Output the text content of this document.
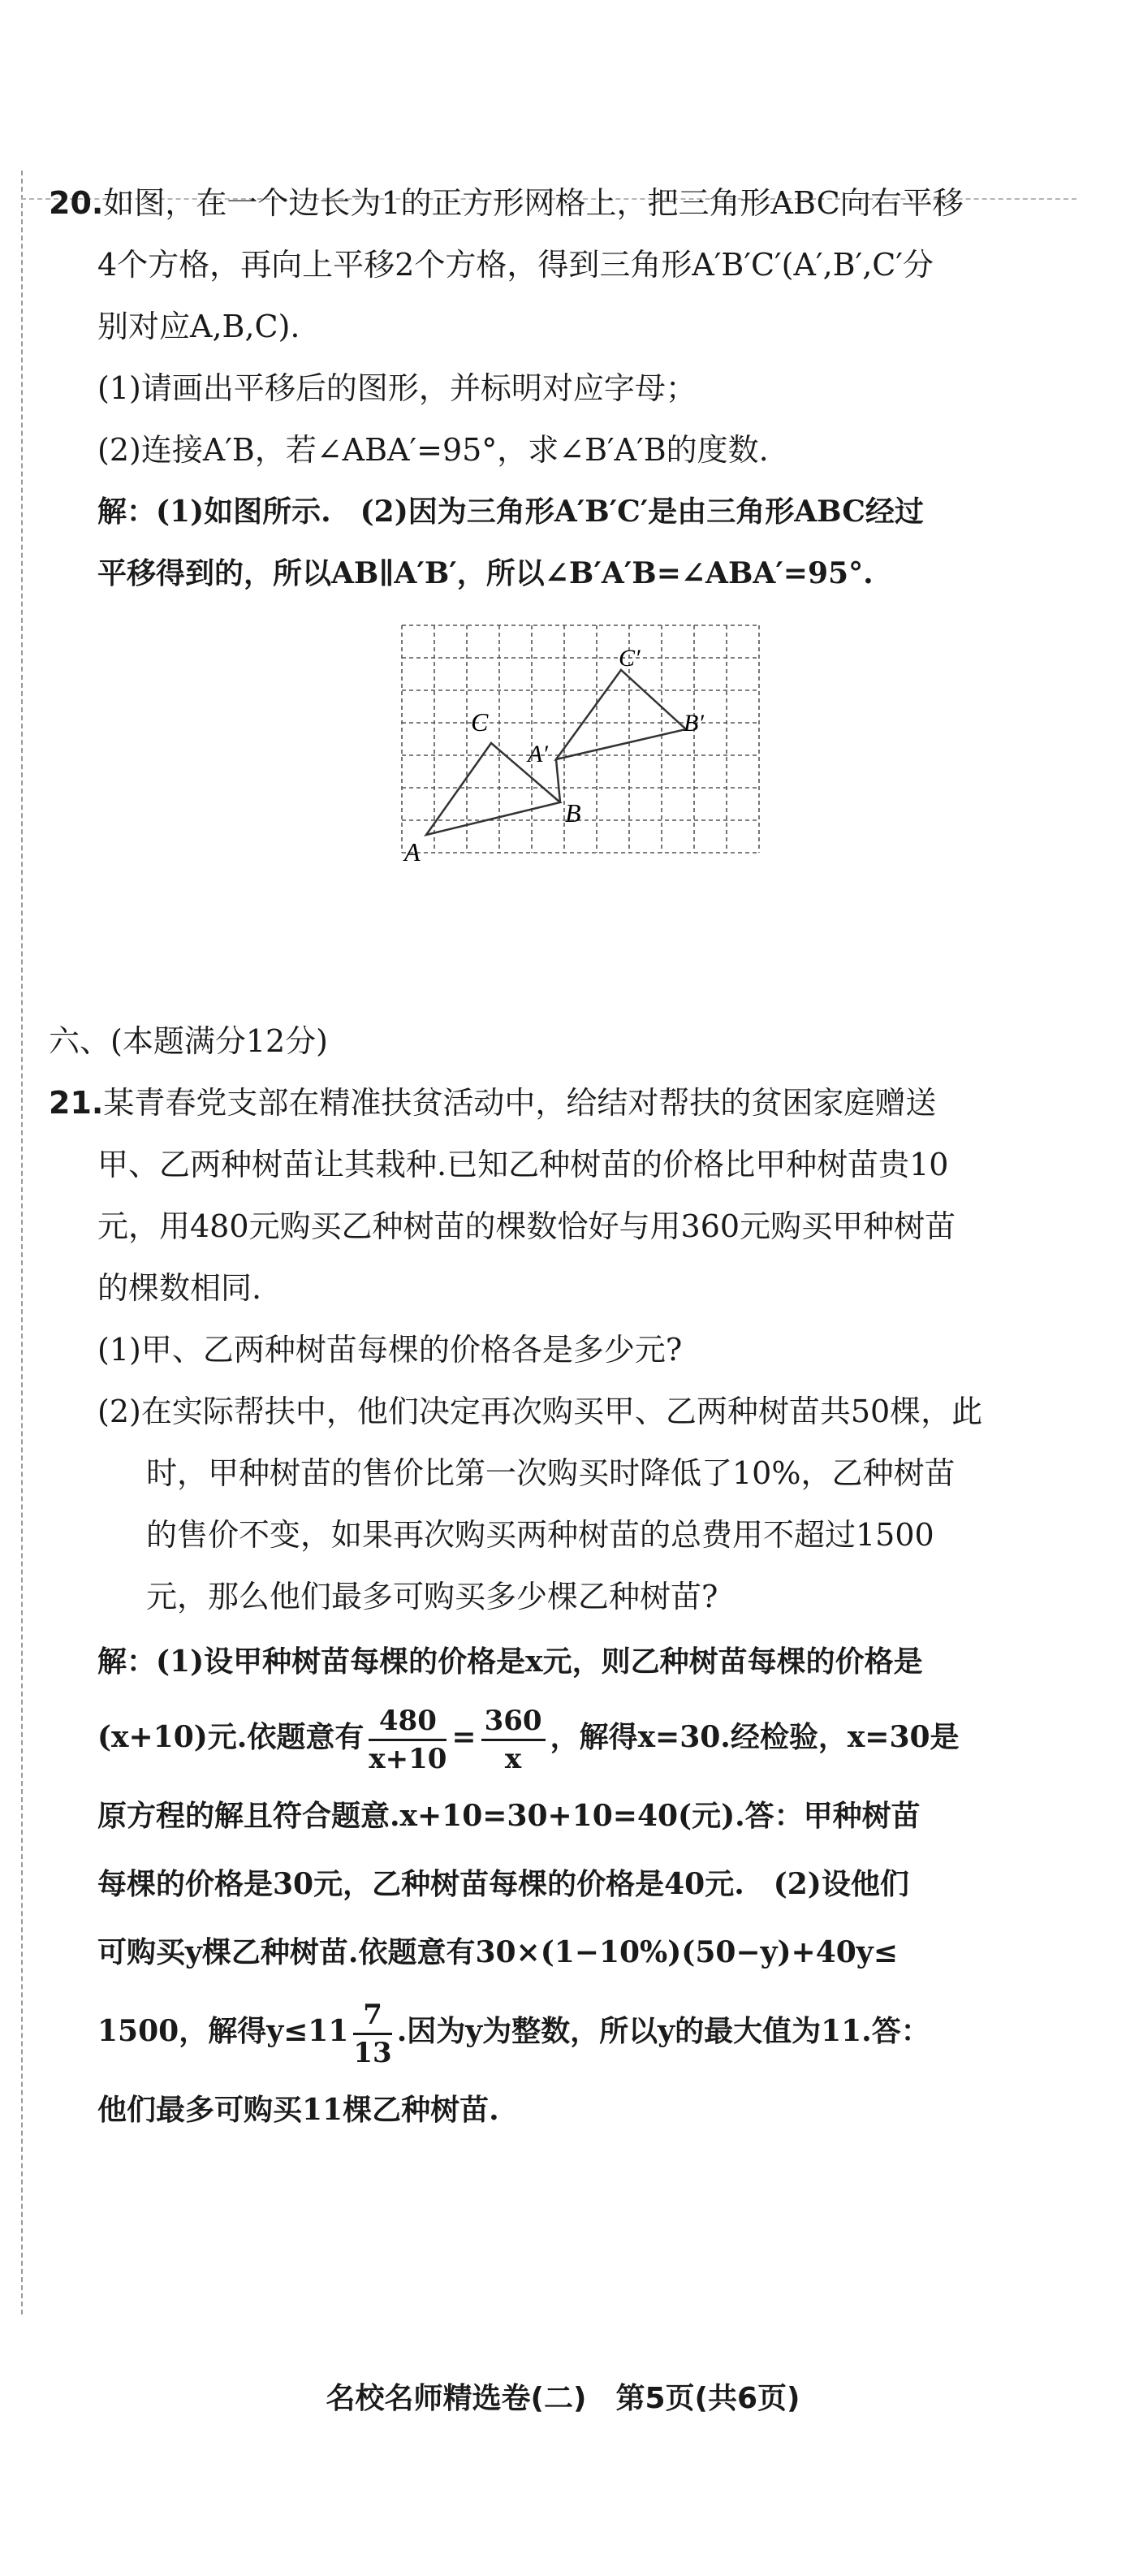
20.如图，在一个边长为1的正方形网格上，把三角形ABC向右平移
4个方格，再向上平移2个方格，得到三角形A′B′C′(A′,B′,C′分
别对应A,B,C).
(1)请画出平移后的图形，并标明对应字母；
(2)连接A′B，若∠ABA′=95°，求∠B′A′B的度数.
解：(1)如图所示.　(2)因为三角形A′B′C′是由三角形ABC经过
平移得到的，所以AB∥A′B′，所以∠B′A′B=∠ABA′=95°.
A
B
C
A′
B′
C′
六、(本题满分12分)
21.某青春党支部在精准扶贫活动中，给结对帮扶的贫困家庭赠送
甲、乙两种树苗让其栽种.已知乙种树苗的价格比甲种树苗贵10
元，用480元购买乙种树苗的棵数恰好与用360元购买甲种树苗
的棵数相同.
(1)甲、乙两种树苗每棵的价格各是多少元?
(2)在实际帮扶中，他们决定再次购买甲、乙两种树苗共50棵，此
时，甲种树苗的售价比第一次购买时降低了10%，乙种树苗
的售价不变，如果再次购买两种树苗的总费用不超过1500
元，那么他们最多可购买多少棵乙种树苗?
解：(1)设甲种树苗每棵的价格是x元，则乙种树苗每棵的价格是
(x+10)元.依题意有 $\frac{480}{x+10} = \frac{360}{x}$ ，解得x=30.经检验，x=30是
原方程的解且符合题意.x+10=30+10=40(元).答：甲种树苗
每棵的价格是30元，乙种树苗每棵的价格是40元.　(2)设他们
可购买y棵乙种树苗.依题意有30×(1−10%)(50−y)+40y≤
1500，解得$y\le 11 \frac{7}{13}$ .因为y为整数，所以y的最大值为11.答：
他们最多可购买11棵乙种树苗.
名校名师精选卷(二)　第5页(共6页)
